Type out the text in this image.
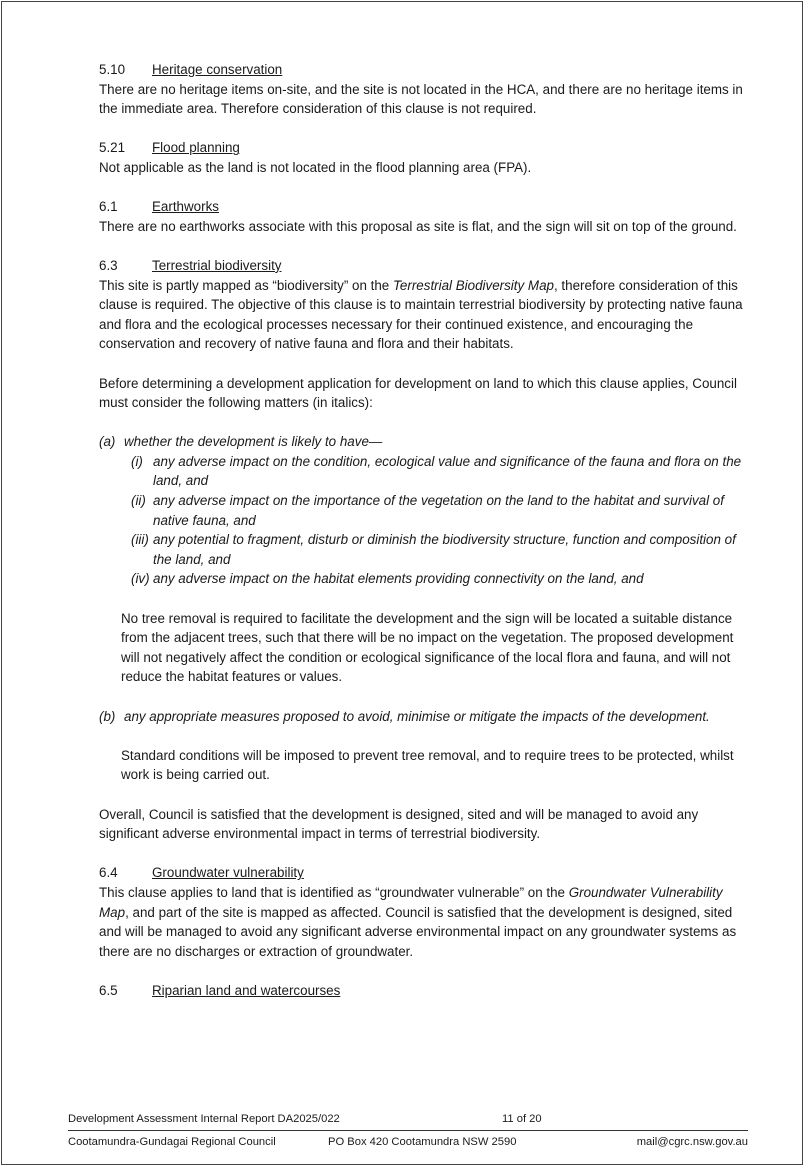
5.10	Heritage conservation

There are no heritage items on-site, and the site is not located in the HCA, and there are no heritage items in the immediate area. Therefore consideration of this clause is not required.

5.21	Flood planning

Not applicable as the land is not located in the flood planning area (FPA).

6.1	Earthworks

There are no earthworks associate with this proposal as site is flat, and the sign will sit on top of the ground.

6.3	Terrestrial biodiversity

This site is partly mapped as “biodiversity” on the Terrestrial Biodiversity Map, therefore consideration of this clause is required. The objective of this clause is to maintain terrestrial biodiversity by protecting native fauna and flora and the ecological processes necessary for their continued existence, and encouraging the conservation and recovery of native fauna and flora and their habitats.

Before determining a development application for development on land to which this clause applies, Council must consider the following matters (in italics):

(a) whether the development is likely to have—
(i) any adverse impact on the condition, ecological value and significance of the fauna and flora on the land, and
(ii) any adverse impact on the importance of the vegetation on the land to the habitat and survival of native fauna, and
(iii) any potential to fragment, disturb or diminish the biodiversity structure, function and composition of the land, and
(iv) any adverse impact on the habitat elements providing connectivity on the land, and

No tree removal is required to facilitate the development and the sign will be located a suitable distance from the adjacent trees, such that there will be no impact on the vegetation. The proposed development will not negatively affect the condition or ecological significance of the local flora and fauna, and will not reduce the habitat features or values.

(b) any appropriate measures proposed to avoid, minimise or mitigate the impacts of the development.

Standard conditions will be imposed to prevent tree removal, and to require trees to be protected, whilst work is being carried out.

Overall, Council is satisfied that the development is designed, sited and will be managed to avoid any significant adverse environmental impact in terms of terrestrial biodiversity.

6.4	Groundwater vulnerability

This clause applies to land that is identified as “groundwater vulnerable” on the Groundwater Vulnerability Map, and part of the site is mapped as affected. Council is satisfied that the development is designed, sited and will be managed to avoid any significant adverse environmental impact on any groundwater systems as there are no discharges or extraction of groundwater.

6.5	Riparian land and watercourses
Development Assessment Internal Report DA2025/022	11 of 20
Cootamundra-Gundagai Regional Council	PO Box 420 Cootamundra NSW 2590	mail@cgrc.nsw.gov.au
